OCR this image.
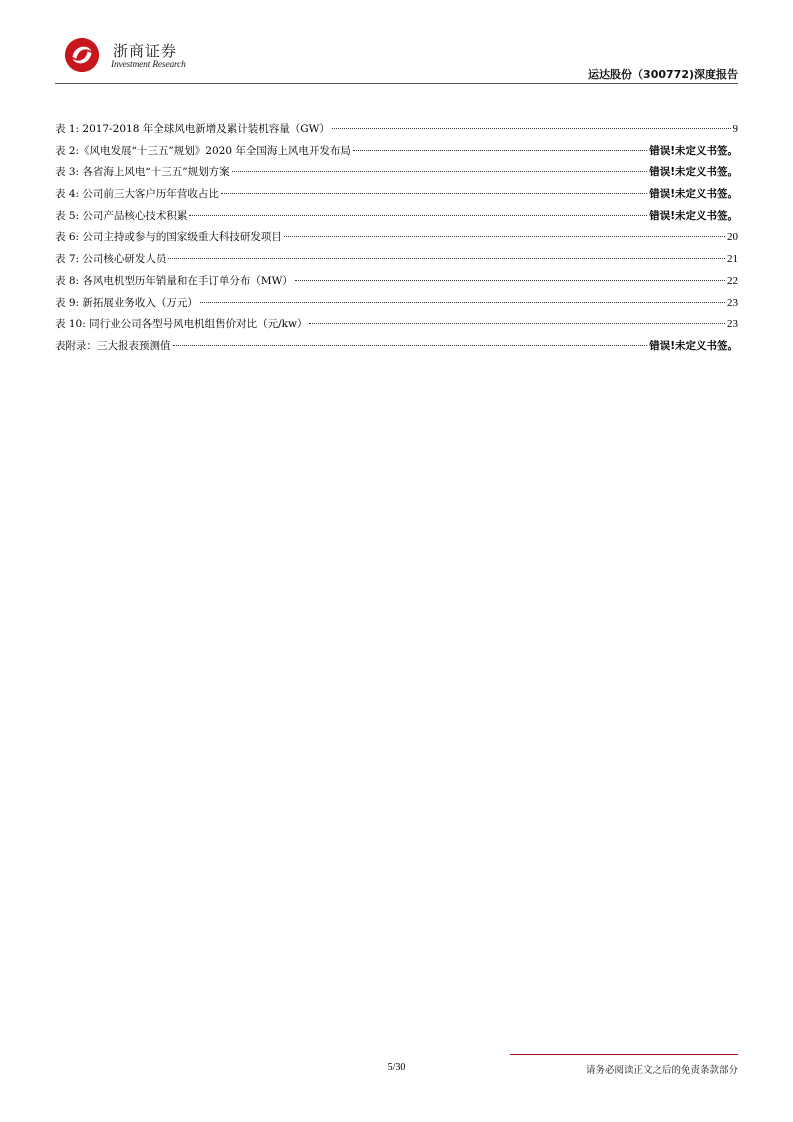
浙商证券
Investment Research
运达股份（300772)深度报告
表 1: 2017-2018 年全球风电新增及累计装机容量（GW）	9
表 2:《风电发展“十三五”规划》2020 年全国海上风电开发布局	错误!未定义书签。
表 3: 各省海上风电“十三五”规划方案	错误!未定义书签。
表 4: 公司前三大客户历年营收占比	错误!未定义书签。
表 5: 公司产品核心技术积累	错误!未定义书签。
表 6: 公司主持或参与的国家级重大科技研发项目	20
表 7: 公司核心研发人员	21
表 8: 各风电机型历年销量和在手订单分布（MW）	22
表 9: 新拓展业务收入（万元）	23
表 10: 同行业公司各型号风电机组售价对比（元/kw）	23
表附录：三大报表预测值	错误!未定义书签。
5/30	请务必阅读正文之后的免责条款部分
